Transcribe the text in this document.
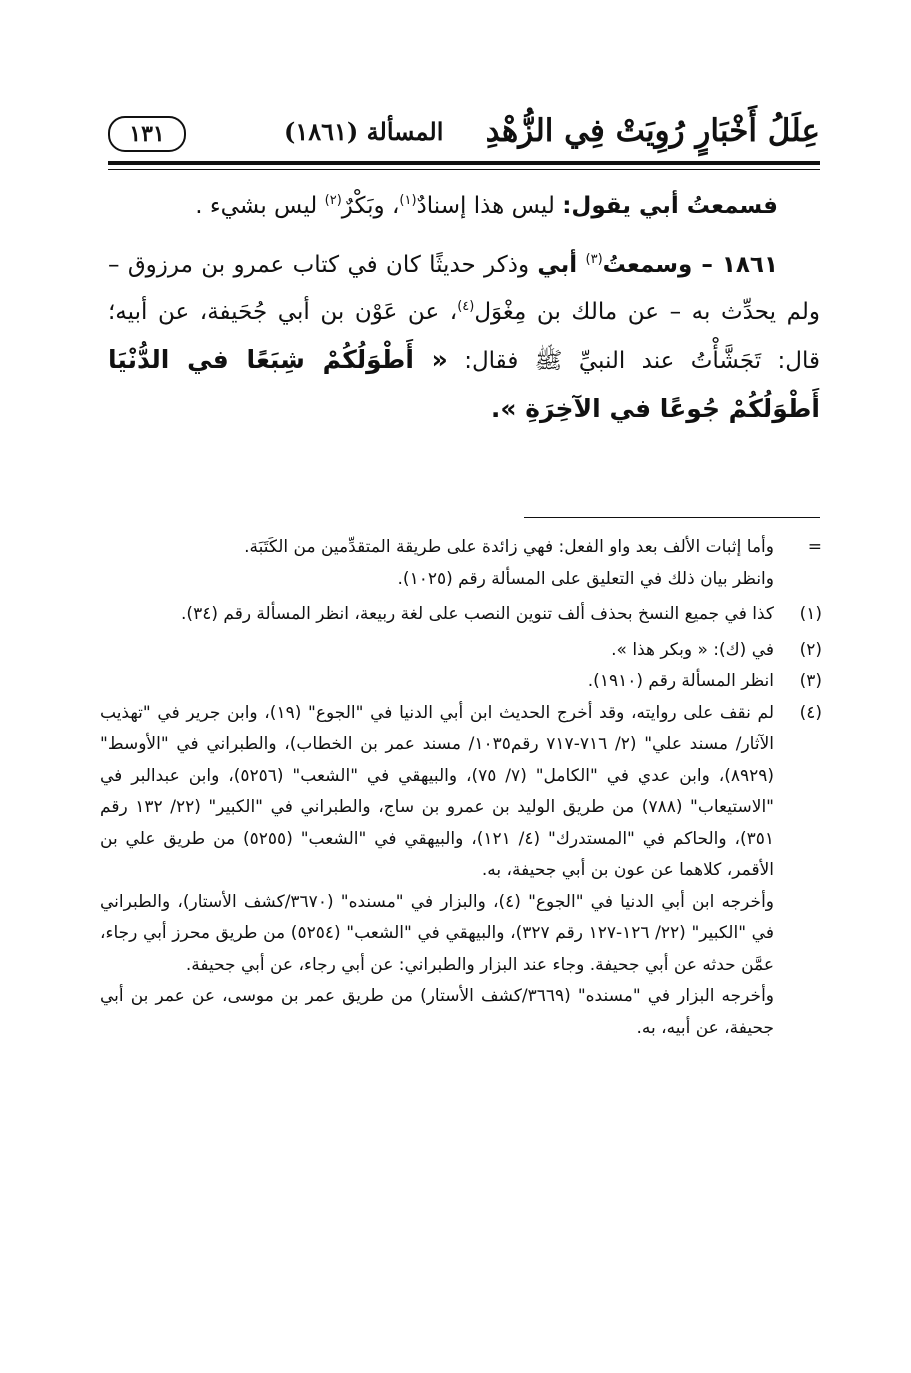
عِلَلُ أَخْبَارٍ رُوِيَتْ فِي الزُّهْدِ
المسألة (١٨٦١)
١٣١

فسمعتُ أبي يقول: ليس هذا إسنادٌ$^{(١)}$، وبَكْرٌ$^{(٢)}$ ليس بشيء .

١٨٦١ – وسمعتُ$^{(٣)}$ أبي وذكر حديثًا كان في كتاب عمرو بن مرزوق – ولم يحدِّث به – عن مالك بن مِغْوَل$^{(٤)}$، عن عَوْن بن أبي جُحَيفة، عن أبيه؛ قال: تَجَشَّأْتُ عند النبيِّ ﷺ فقال: « أَطْوَلُكُمْ شِبَعًا في الدُّنْيَا أَطْوَلُكُمْ جُوعًا في الآخِرَةِ ».

=
وأما إثبات الألف بعد واو الفعل: فهي زائدة على طريقة المتقدِّمين من الكَتَبَة.
وانظر بيان ذلك في التعليق على المسألة رقم (١٠٢٥).
(١)
كذا في جميع النسخ بحذف ألف تنوين النصب على لغة ربيعة، انظر المسألة رقم (٣٤).
(٢)
في (ك): « وبكر هذا ».
(٣)
انظر المسألة رقم (١٩١٠).
(٤)
لم نقف على روايته، وقد أخرج الحديث ابن أبي الدنيا في "الجوع" (١٩)، وابن جرير في "تهذيب الآثار/ مسند علي" (٢/ ٧١٦-٧١٧ رقم١٠٣٥/ مسند عمر بن الخطاب)، والطبراني في "الأوسط" (٨٩٢٩)، وابن عدي في "الكامل" (٧/ ٧٥)، والبيهقي في "الشعب" (٥٢٥٦)، وابن عبدالبر في "الاستيعاب" (٧٨٨) من طريق الوليد بن عمرو بن ساج، والطبراني في "الكبير" (٢٢/ ١٣٢ رقم ٣٥١)، والحاكم في "المستدرك" (٤/ ١٢١)، والبيهقي في "الشعب" (٥٢٥٥) من طريق علي بن الأقمر، كلاهما عن عون بن أبي جحيفة، به.
وأخرجه ابن أبي الدنيا في "الجوع" (٤)، والبزار في "مسنده" (٣٦٧٠/كشف الأستار)، والطبراني في "الكبير" (٢٢/ ١٢٦-١٢٧ رقم ٣٢٧)، والبيهقي في "الشعب" (٥٢٥٤) من طريق محرز أبي رجاء، عمَّن حدثه عن أبي جحيفة. وجاء عند البزار والطبراني: عن أبي رجاء، عن أبي جحيفة.
وأخرجه البزار في "مسنده" (٣٦٦٩/كشف الأستار) من طريق عمر بن موسى، عن عمر بن أبي جحيفة، عن أبيه، به.
